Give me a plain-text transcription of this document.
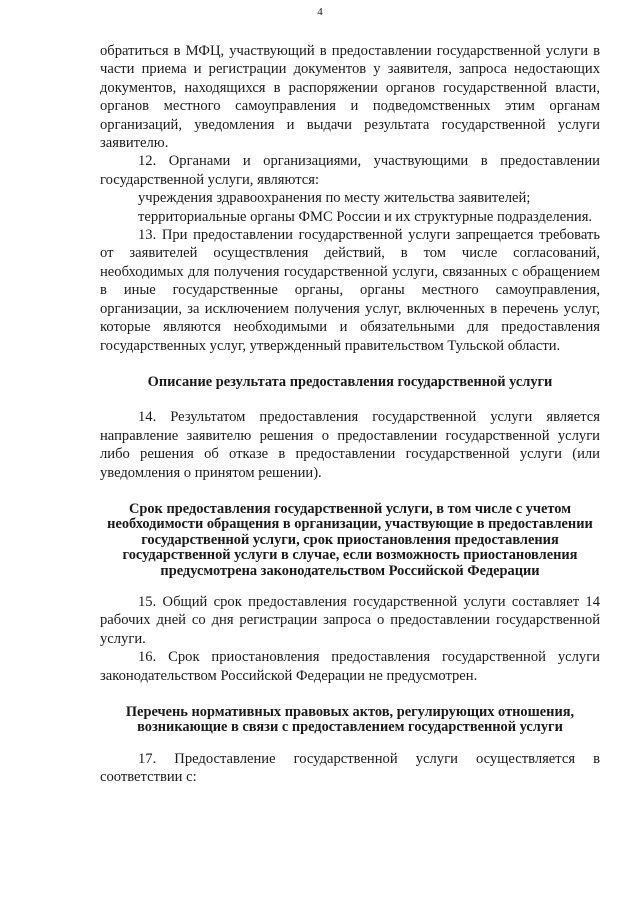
4

обратиться в МФЦ, участвующий в предоставлении государственной услуги в части приема и регистрации документов у заявителя, запроса недостающих документов, находящихся в распоряжении органов государственной власти, органов местного самоуправления и подведомственных этим органам организаций, уведомления и выдачи результата государственной услуги заявителю.

12. Органами и организациями, участвующими в предоставлении государственной услуги, являются:

учреждения здравоохранения по месту жительства заявителей;

территориальные органы ФМС России и их структурные подразделения.

13. При предоставлении государственной услуги запрещается требовать от заявителей осуществления действий, в том числе согласований, необходимых для получения государственной услуги, связанных с обращением в иные государственные органы, органы местного самоуправления, организации, за исключением получения услуг, включенных в перечень услуг, которые являются необходимыми и обязательными для предоставления государственных услуг, утвержденный правительством Тульской области.

Описание результата предоставления государственной услуги

14. Результатом предоставления государственной услуги является направление заявителю решения о предоставлении государственной услуги либо решения об отказе в предоставлении государственной услуги (или уведомления о принятом решении).

Срок предоставления государственной услуги, в том числе с учетом необходимости обращения в организации, участвующие в предоставлении государственной услуги, срок приостановления предоставления государственной услуги в случае, если возможность приостановления предусмотрена законодательством Российской Федерации

15. Общий срок предоставления государственной услуги составляет 14 рабочих дней со дня регистрации запроса о предоставлении государственной услуги.

16. Срок приостановления предоставления государственной услуги законодательством Российской Федерации не предусмотрен.

Перечень нормативных правовых актов, регулирующих отношения, возникающие в связи с предоставлением государственной услуги

17. Предоставление государственной услуги осуществляется в соответствии с:
